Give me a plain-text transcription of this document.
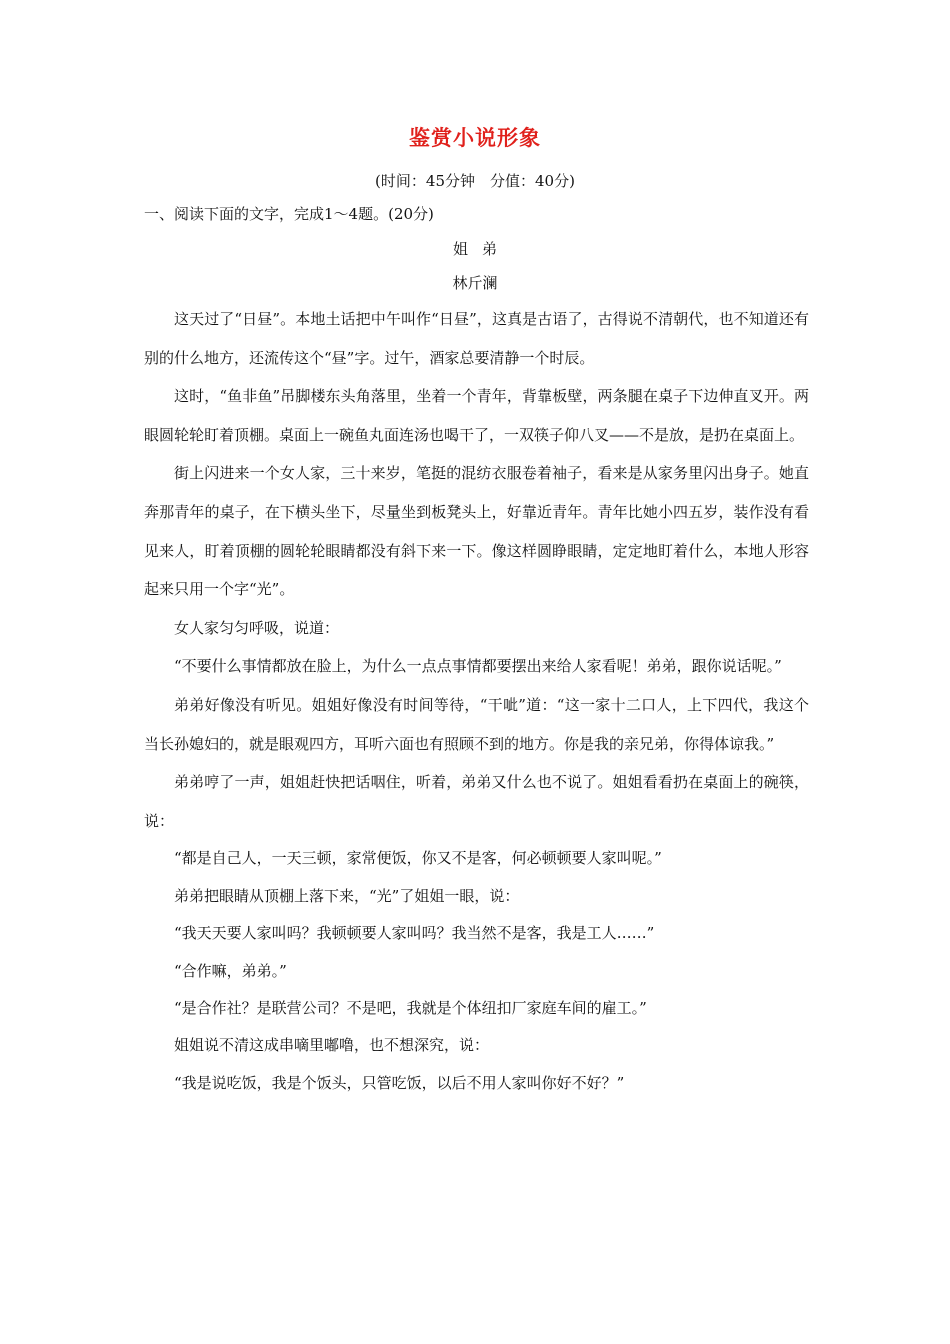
鉴赏小说形象
(时间：45分钟　分值：40分)
一、阅读下面的文字，完成1～4题。(20分)
姐弟
林斤澜

这天过了“日昼”。本地土话把中午叫作“日昼”，这真是古语了，古得说不清朝代，也不知道还有别的什么地方，还流传这个“昼”字。过午，酒家总要清静一个时辰。

这时，“鱼非鱼”吊脚楼东头角落里，坐着一个青年，背靠板壁，两条腿在桌子下边伸直叉开。两眼圆轮轮盯着顶棚。桌面上一碗鱼丸面连汤也喝干了，一双筷子仰八叉——不是放，是扔在桌面上。

街上闪进来一个女人家，三十来岁，笔挺的混纺衣服卷着袖子，看来是从家务里闪出身子。她直奔那青年的桌子，在下横头坐下，尽量坐到板凳头上，好靠近青年。青年比她小四五岁，装作没有看见来人，盯着顶棚的圆轮轮眼睛都没有斜下来一下。像这样圆睁眼睛，定定地盯着什么，本地人形容起来只用一个字“光”。

女人家匀匀呼吸，说道：

“不要什么事情都放在脸上，为什么一点点事情都要摆出来给人家看呢！弟弟，跟你说话呢。”

弟弟好像没有听见。姐姐好像没有时间等待，“干呲”道：“这一家十二口人，上下四代，我这个当长孙媳妇的，就是眼观四方，耳听六面也有照顾不到的地方。你是我的亲兄弟，你得体谅我。”

弟弟哼了一声，姐姐赶快把话咽住，听着，弟弟又什么也不说了。姐姐看看扔在桌面上的碗筷，说：

“都是自己人，一天三顿，家常便饭，你又不是客，何必顿顿要人家叫呢。”

弟弟把眼睛从顶棚上落下来，“光”了姐姐一眼，说：

“我天天要人家叫吗？我顿顿要人家叫吗？我当然不是客，我是工人……”

“合作嘛，弟弟。”

“是合作社？是联营公司？不是吧，我就是个体纽扣厂家庭车间的雇工。”

姐姐说不清这成串嘀里嘟噜，也不想深究，说：

“我是说吃饭，我是个饭头，只管吃饭，以后不用人家叫你好不好？”
